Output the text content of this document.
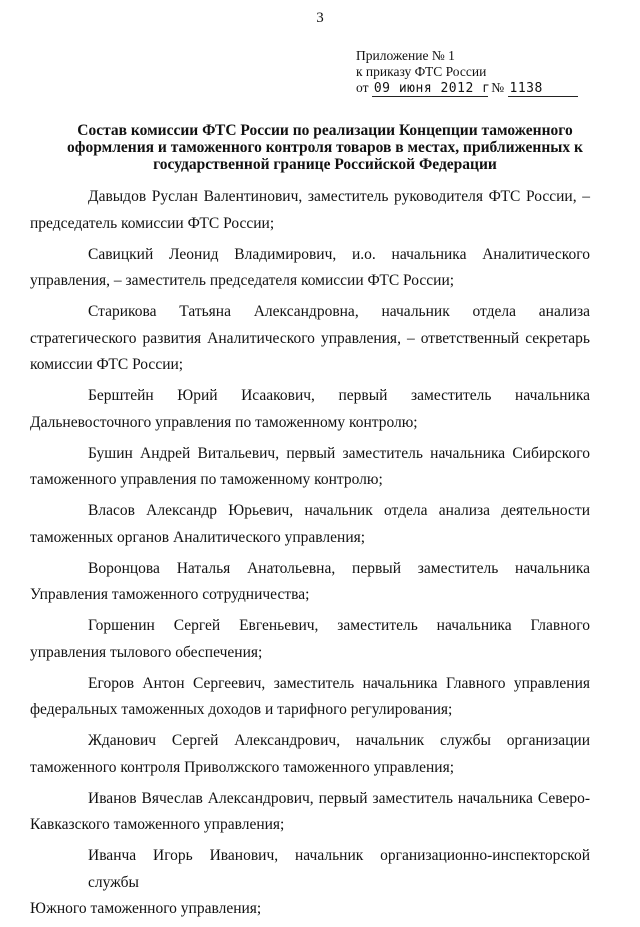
3
Приложение № 1
к приказу ФТС России
от 09 июня 2012 г № 1138
Состав комиссии ФТС России по реализации Концепции таможенного
оформления и таможенного контроля товаров в местах, приближенных к
государственной границе Российской Федерации
Давыдов Руслан Валентинович, заместитель руководителя ФТС России, –
председатель комиссии ФТС России;
Савицкий Леонид Владимирович, и.о. начальника Аналитического
управления, – заместитель председателя комиссии ФТС России;
Старикова Татьяна Александровна, начальник отдела анализа
стратегического развития Аналитического управления, – ответственный секретарь
комиссии ФТС России;
Берштейн Юрий Исаакович, первый заместитель начальника
Дальневосточного управления по таможенному контролю;
Бушин Андрей Витальевич, первый заместитель начальника Сибирского
таможенного управления по таможенному контролю;
Власов Александр Юрьевич, начальник отдела анализа деятельности
таможенных органов Аналитического управления;
Воронцова Наталья Анатольевна, первый заместитель начальника
Управления таможенного сотрудничества;
Горшенин Сергей Евгеньевич, заместитель начальника Главного
управления тылового обеспечения;
Егоров Антон Сергеевич, заместитель начальника Главного управления
федеральных таможенных доходов и тарифного регулирования;
Жданович Сергей Александрович, начальник службы организации
таможенного контроля Приволжского таможенного управления;
Иванов Вячеслав Александрович, первый заместитель начальника Северо-
Кавказского таможенного управления;
Иванча Игорь Иванович, начальник организационно-инспекторской службы
Южного таможенного управления;
